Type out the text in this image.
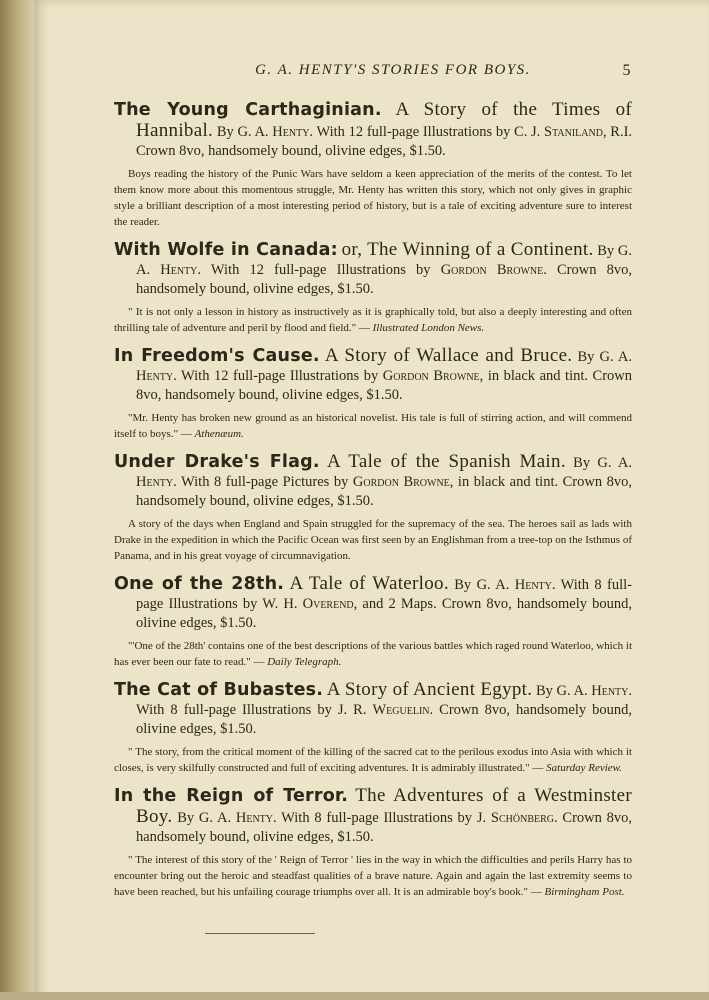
G. A. HENTY'S STORIES FOR BOYS.	5
The Young Carthaginian. A Story of the Times of Hannibal. By G. A. Henty. With 12 full-page Illustrations by C. J. Staniland, R.I. Crown 8vo, handsomely bound, olivine edges, $1.50.
Boys reading the history of the Punic Wars have seldom a keen appreciation of the merits of the contest. To let them know more about this momentous struggle, Mr. Henty has written this story, which not only gives in graphic style a brilliant description of a most interesting period of history, but is a tale of exciting adventure sure to interest the reader.
With Wolfe in Canada: or, The Winning of a Continent. By G. A. Henty. With 12 full-page Illustrations by Gordon Browne. Crown 8vo, handsomely bound, olivine edges, $1.50.
" It is not only a lesson in history as instructively as it is graphically told, but also a deeply interesting and often thrilling tale of adventure and peril by flood and field." — Illustrated London News.
In Freedom's Cause. A Story of Wallace and Bruce. By G. A. Henty. With 12 full-page Illustrations by Gordon Browne, in black and tint. Crown 8vo, handsomely bound, olivine edges, $1.50.
"Mr. Henty has broken new ground as an historical novelist. His tale is full of stirring action, and will commend itself to boys." — Athenæum.
Under Drake's Flag. A Tale of the Spanish Main. By G. A. Henty. With 8 full-page Pictures by Gordon Browne, in black and tint. Crown 8vo, handsomely bound, olivine edges, $1.50.
A story of the days when England and Spain struggled for the supremacy of the sea. The heroes sail as lads with Drake in the expedition in which the Pacific Ocean was first seen by an Englishman from a tree-top on the Isthmus of Panama, and in his great voyage of circumnavigation.
One of the 28th. A Tale of Waterloo. By G. A. Henty. With 8 full-page Illustrations by W. H. Overend, and 2 Maps. Crown 8vo, handsomely bound, olivine edges, $1.50.
"'One of the 28th' contains one of the best descriptions of the various battles which raged round Waterloo, which it has ever been our fate to read." — Daily Telegraph.
The Cat of Bubastes. A Story of Ancient Egypt. By G. A. Henty. With 8 full-page Illustrations by J. R. Weguelin. Crown 8vo, handsomely bound, olivine edges, $1.50.
" The story, from the critical moment of the killing of the sacred cat to the perilous exodus into Asia with which it closes, is very skilfully constructed and full of exciting adventures. It is admirably illustrated." — Saturday Review.
In the Reign of Terror. The Adventures of a Westminster Boy. By G. A. Henty. With 8 full-page Illustrations by J. Schönberg. Crown 8vo, handsomely bound, olivine edges, $1.50.
" The interest of this story of the ' Reign of Terror ' lies in the way in which the difficulties and perils Harry has to encounter bring out the heroic and steadfast qualities of a brave nature. Again and again the last extremity seems to have been reached, but his unfailing courage triumphs over all. It is an admirable boy's book." — Birmingham Post.
